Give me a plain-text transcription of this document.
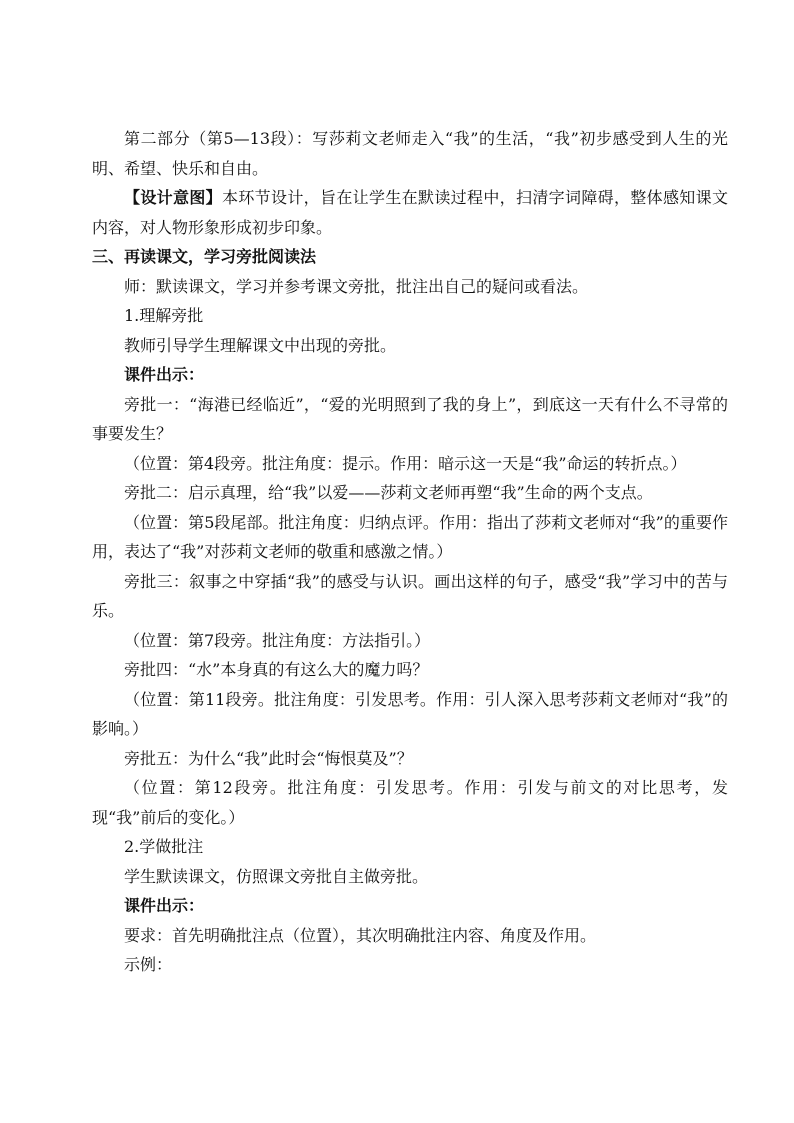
第二部分（第5—13段）：写莎莉文老师走入“我”的生活，“我”初步感受到人生的光明、希望、快乐和自由。

【设计意图】本环节设计，旨在让学生在默读过程中，扫清字词障碍，整体感知课文内容，对人物形象形成初步印象。

三、再读课文，学习旁批阅读法

师：默读课文，学习并参考课文旁批，批注出自己的疑问或看法。

1.理解旁批

教师引导学生理解课文中出现的旁批。

课件出示：

旁批一：“海港已经临近”，“爱的光明照到了我的身上”，到底这一天有什么不寻常的事要发生？

（位置：第4段旁。批注角度：提示。作用：暗示这一天是“我”命运的转折点。）

旁批二：启示真理，给“我”以爱——莎莉文老师再塑“我”生命的两个支点。

（位置：第5段尾部。批注角度：归纳点评。作用：指出了莎莉文老师对“我”的重要作用，表达了“我”对莎莉文老师的敬重和感激之情。）

旁批三：叙事之中穿插“我”的感受与认识。画出这样的句子，感受“我”学习中的苦与乐。

（位置：第7段旁。批注角度：方法指引。）

旁批四：“水”本身真的有这么大的魔力吗？

（位置：第11段旁。批注角度：引发思考。作用：引人深入思考莎莉文老师对“我”的影响。）

旁批五：为什么“我”此时会“悔恨莫及”？

（位置：第12段旁。批注角度：引发思考。作用：引发与前文的对比思考，发现“我”前后的变化。）

2.学做批注

学生默读课文，仿照课文旁批自主做旁批。

课件出示：

要求：首先明确批注点（位置），其次明确批注内容、角度及作用。

示例：
